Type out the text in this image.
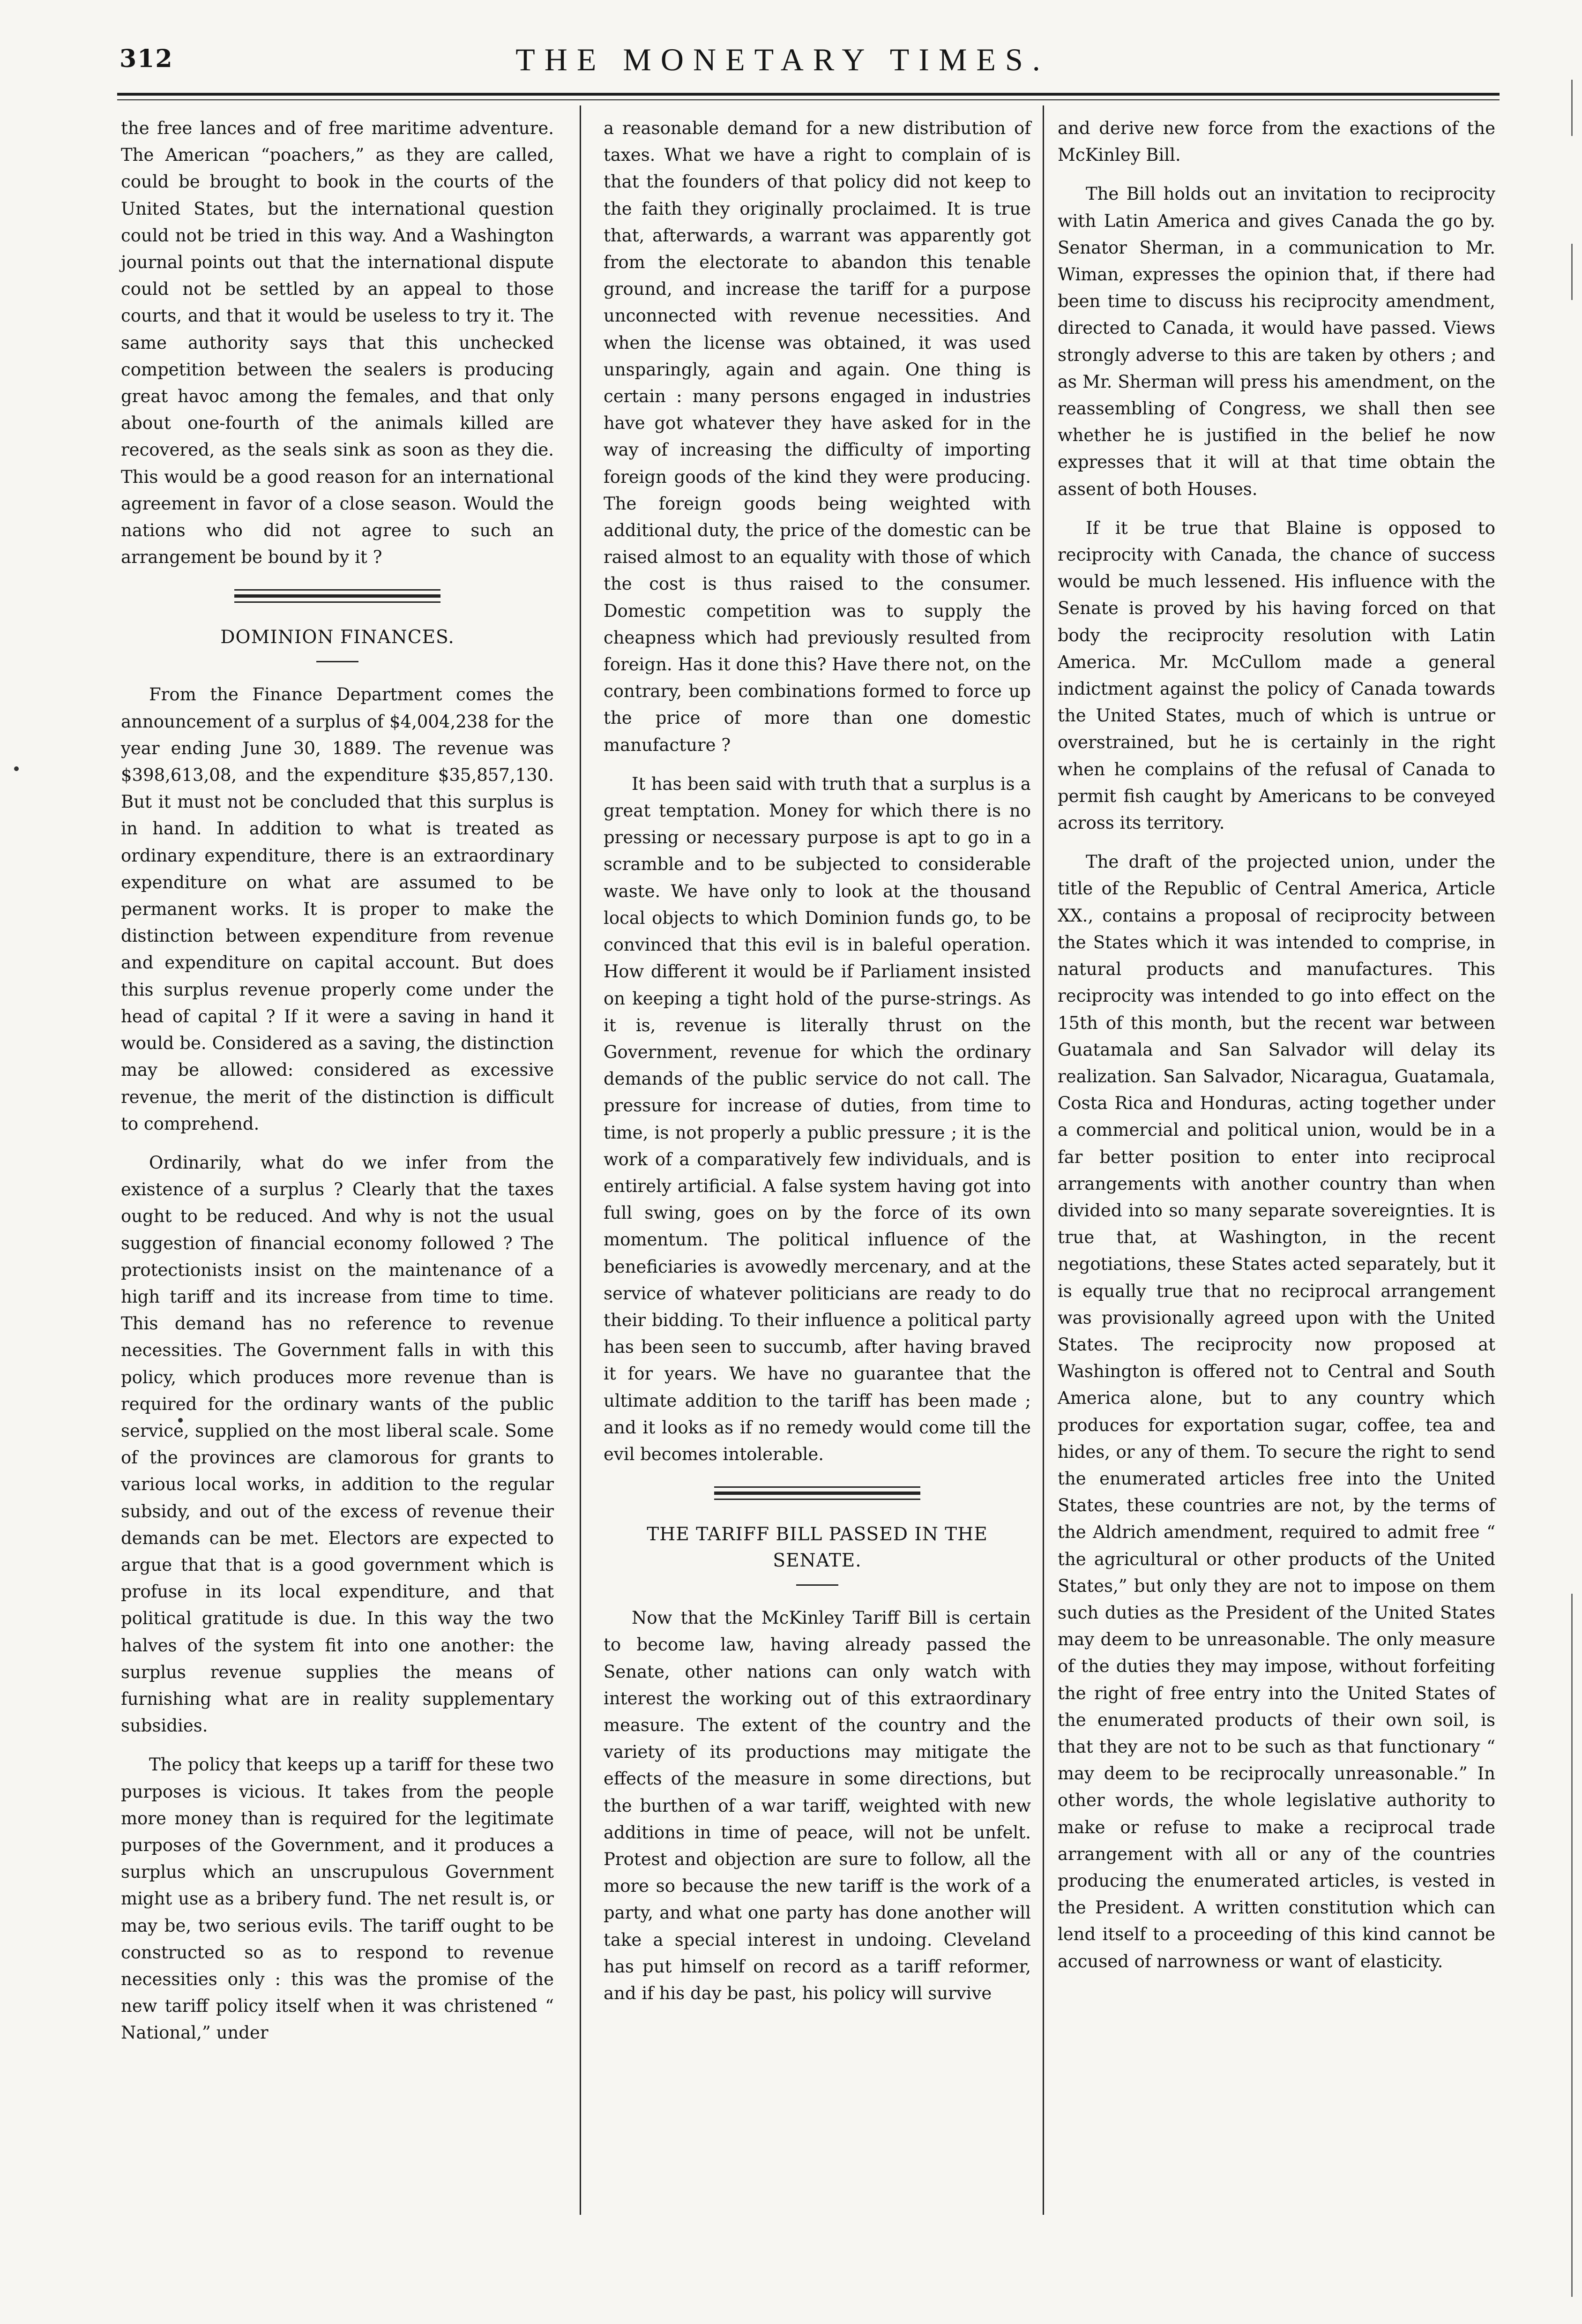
312	THE MONETARY TIMES.

the free lances and of free maritime adventure. The American “poachers,” as they are called, could be brought to book in the courts of the United States, but the international question could not be tried in this way. And a Washington journal points out that the international dispute could not be settled by an appeal to those courts, and that it would be useless to try it. The same authority says that this unchecked competition between the sealers is producing great havoc among the females, and that only about one-fourth of the animals killed are recovered, as the seals sink as soon as they die. This would be a good reason for an international agreement in favor of a close season. Would the nations who did not agree to such an arrangement be bound by it ?

DOMINION FINANCES.

From the Finance Department comes the announcement of a surplus of $4,004,238 for the year ending June 30, 1889. The revenue was $398,613,08, and the expenditure $35,857,130. But it must not be concluded that this surplus is in hand. In addition to what is treated as ordinary expenditure, there is an extraordinary expenditure on what are assumed to be permanent works. It is proper to make the distinction between expenditure from revenue and expenditure on capital account. But does this surplus revenue properly come under the head of capital ? If it were a saving in hand it would be. Considered as a saving, the distinction may be allowed: considered as excessive revenue, the merit of the distinction is difficult to comprehend.

Ordinarily, what do we infer from the existence of a surplus ? Clearly that the taxes ought to be reduced. And why is not the usual suggestion of financial economy followed ? The protectionists insist on the maintenance of a high tariff and its increase from time to time. This demand has no reference to revenue necessities. The Government falls in with this policy, which produces more revenue than is required for the ordinary wants of the public service, supplied on the most liberal scale. Some of the provinces are clamorous for grants to various local works, in addition to the regular subsidy, and out of the excess of revenue their demands can be met. Electors are expected to argue that that is a good government which is profuse in its local expenditure, and that political gratitude is due. In this way the two halves of the system fit into one another: the surplus revenue supplies the means of furnishing what are in reality supplementary subsidies.

The policy that keeps up a tariff for these two purposes is vicious. It takes from the people more money than is required for the legitimate purposes of the Government, and it produces a surplus which an unscrupulous Government might use as a bribery fund. The net result is, or may be, two serious evils. The tariff ought to be constructed so as to respond to revenue necessities only : this was the promise of the new tariff policy itself when it was christened “ National,” under

a reasonable demand for a new distribution of taxes. What we have a right to complain of is that the founders of that policy did not keep to the faith they originally proclaimed. It is true that, afterwards, a warrant was apparently got from the electorate to abandon this tenable ground, and increase the tariff for a purpose unconnected with revenue necessities. And when the license was obtained, it was used unsparingly, again and again. One thing is certain : many persons engaged in industries have got whatever they have asked for in the way of increasing the difficulty of importing foreign goods of the kind they were producing. The foreign goods being weighted with additional duty, the price of the domestic can be raised almost to an equality with those of which the cost is thus raised to the consumer. Domestic competition was to supply the cheapness which had previously resulted from foreign. Has it done this? Have there not, on the contrary, been combinations formed to force up the price of more than one domestic manufacture ?

It has been said with truth that a surplus is a great temptation. Money for which there is no pressing or necessary purpose is apt to go in a scramble and to be subjected to considerable waste. We have only to look at the thousand local objects to which Dominion funds go, to be convinced that this evil is in baleful operation. How different it would be if Parliament insisted on keeping a tight hold of the purse-strings. As it is, revenue is literally thrust on the Government, revenue for which the ordinary demands of the public service do not call. The pressure for increase of duties, from time to time, is not properly a public pressure ; it is the work of a comparatively few individuals, and is entirely artificial. A false system having got into full swing, goes on by the force of its own momentum. The political influence of the beneficiaries is avowedly mercenary, and at the service of whatever politicians are ready to do their bidding. To their influence a political party has been seen to succumb, after having braved it for years. We have no guarantee that the ultimate addition to the tariff has been made ; and it looks as if no remedy would come till the evil becomes intolerable.

THE TARIFF BILL PASSED IN THE SENATE.

Now that the McKinley Tariff Bill is certain to become law, having already passed the Senate, other nations can only watch with interest the working out of this extraordinary measure. The extent of the country and the variety of its productions may mitigate the effects of the measure in some directions, but the burthen of a war tariff, weighted with new additions in time of peace, will not be unfelt. Protest and objection are sure to follow, all the more so because the new tariff is the work of a party, and what one party has done another will take a special interest in undoing. Cleveland has put himself on record as a tariff reformer, and if his day be past, his policy will survive

and derive new force from the exactions of the McKinley Bill.

The Bill holds out an invitation to reciprocity with Latin America and gives Canada the go by. Senator Sherman, in a communication to Mr. Wiman, expresses the opinion that, if there had been time to discuss his reciprocity amendment, directed to Canada, it would have passed. Views strongly adverse to this are taken by others ; and as Mr. Sherman will press his amendment, on the reassembling of Congress, we shall then see whether he is justified in the belief he now expresses that it will at that time obtain the assent of both Houses.

If it be true that Blaine is opposed to reciprocity with Canada, the chance of success would be much lessened. His influence with the Senate is proved by his having forced on that body the reciprocity resolution with Latin America. Mr. McCullom made a general indictment against the policy of Canada towards the United States, much of which is untrue or overstrained, but he is certainly in the right when he complains of the refusal of Canada to permit fish caught by Americans to be conveyed across its territory.

The draft of the projected union, under the title of the Republic of Central America, Article XX., contains a proposal of reciprocity between the States which it was intended to comprise, in natural products and manufactures. This reciprocity was intended to go into effect on the 15th of this month, but the recent war between Guatamala and San Salvador will delay its realization. San Salvador, Nicaragua, Guatamala, Costa Rica and Honduras, acting together under a commercial and political union, would be in a far better position to enter into reciprocal arrangements with another country than when divided into so many separate sovereignties. It is true that, at Washington, in the recent negotiations, these States acted separately, but it is equally true that no reciprocal arrangement was provisionally agreed upon with the United States. The reciprocity now proposed at Washington is offered not to Central and South America alone, but to any country which produces for exportation sugar, coffee, tea and hides, or any of them. To secure the right to send the enumerated articles free into the United States, these countries are not, by the terms of the Aldrich amendment, required to admit free “ the agricultural or other products of the United States,” but only they are not to impose on them such duties as the President of the United States may deem to be unreasonable. The only measure of the duties they may impose, without forfeiting the right of free entry into the United States of the enumerated products of their own soil, is that they are not to be such as that functionary “ may deem to be reciprocally unreasonable.” In other words, the whole legislative authority to make or refuse to make a reciprocal trade arrangement with all or any of the countries producing the enumerated articles, is vested in the President. A written constitution which can lend itself to a proceeding of this kind cannot be accused of narrowness or want of elasticity.
